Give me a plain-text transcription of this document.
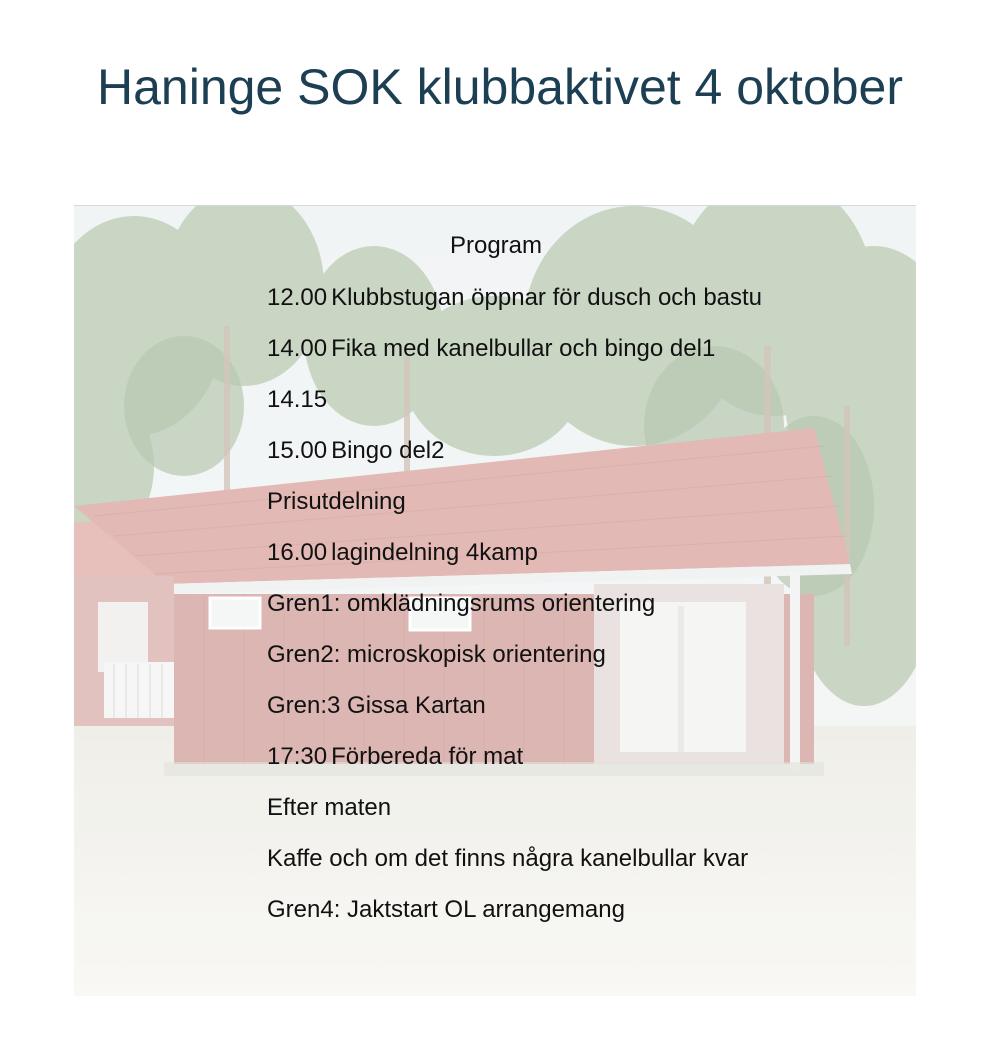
Haninge SOK klubbaktivet 4 oktober
Program
12.00 Klubbstugan öppnar för dusch och bastu
14.00 Fika med kanelbullar och bingo del1
14.15
15.00 Bingo del2
Prisutdelning
16.00 lagindelning 4kamp
Gren1: omklädningsrums orientering
Gren2: microskopisk orientering
Gren:3 Gissa Kartan
17:30 Förbereda för mat
Efter maten
Kaffe och om det finns några kanelbullar kvar
Gren4: Jaktstart OL arrangemang
